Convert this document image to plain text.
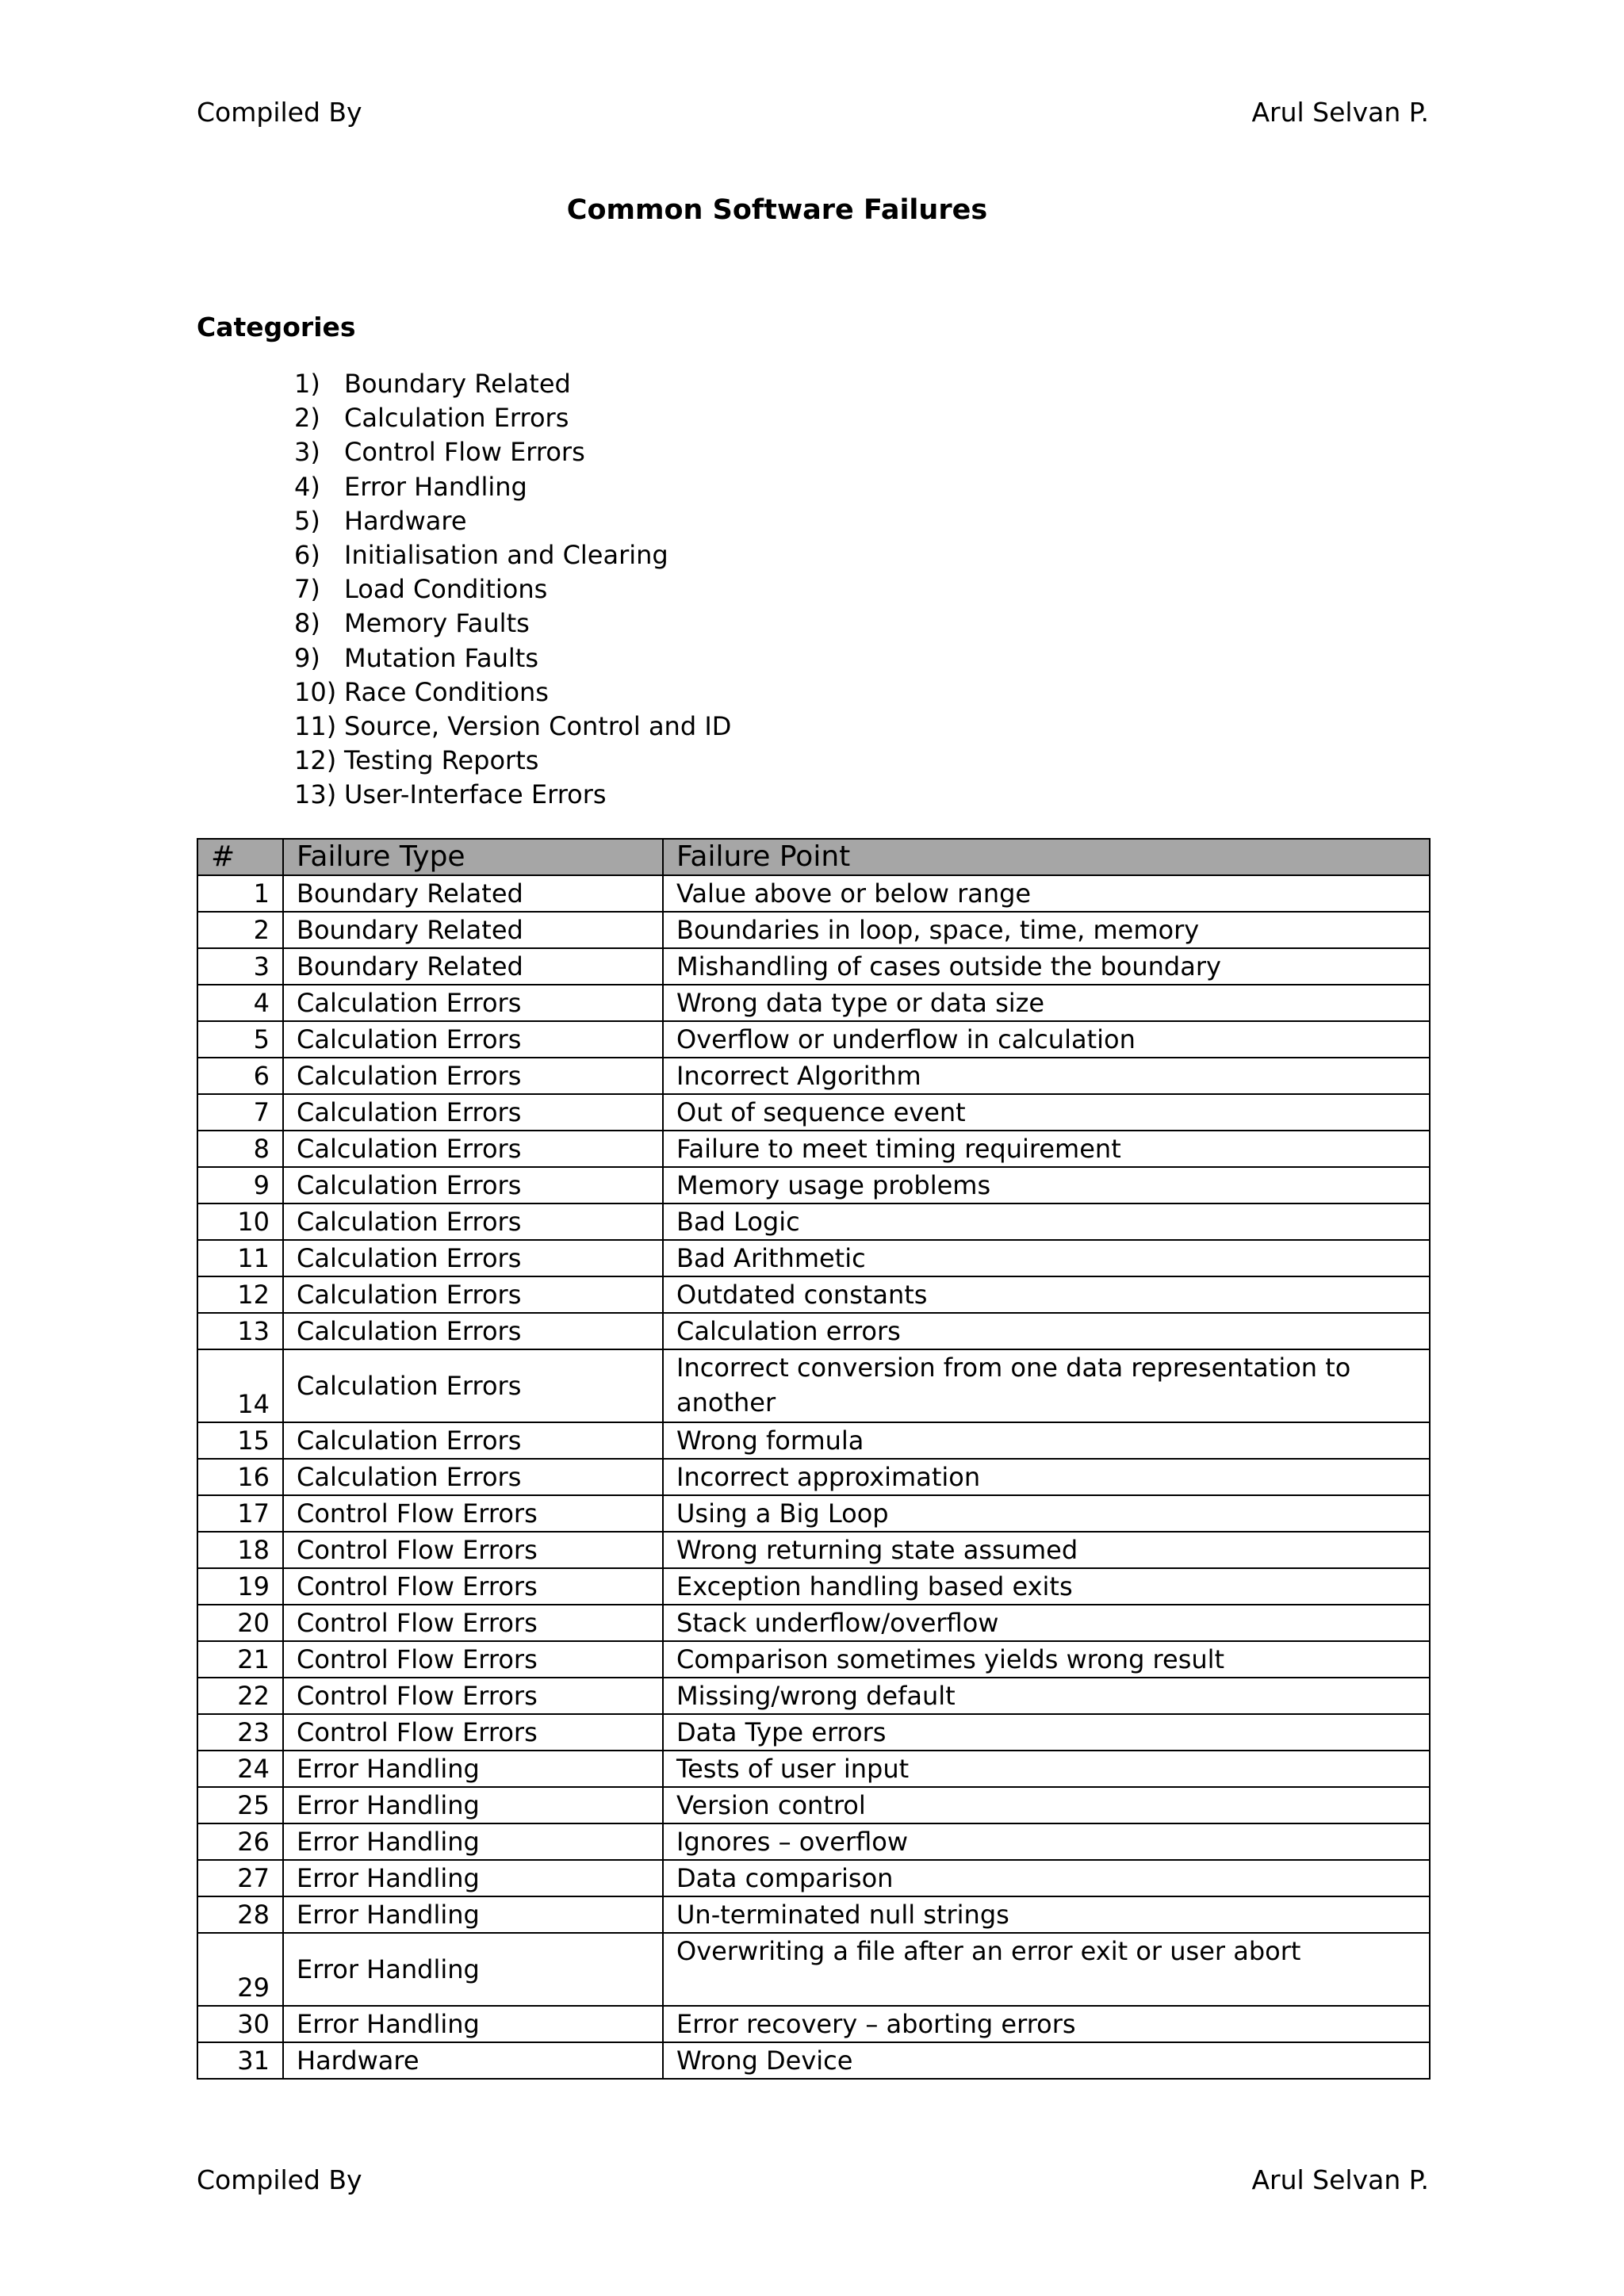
Compiled By	Arul Selvan P.
Common Software Failures
Categories
1) Boundary Related
2) Calculation Errors
3) Control Flow Errors
4) Error Handling
5) Hardware
6) Initialisation and Clearing
7) Load Conditions
8) Memory Faults
9) Mutation Faults
10) Race Conditions
11) Source, Version Control and ID
12) Testing Reports
13) User-Interface Errors
#	Failure Type	Failure Point
1	Boundary Related	Value above or below range
2	Boundary Related	Boundaries in loop, space, time, memory
3	Boundary Related	Mishandling of cases outside the boundary
4	Calculation Errors	Wrong data type or data size
5	Calculation Errors	Overflow or underflow in calculation
6	Calculation Errors	Incorrect Algorithm
7	Calculation Errors	Out of sequence event
8	Calculation Errors	Failure to meet timing requirement
9	Calculation Errors	Memory usage problems
10	Calculation Errors	Bad Logic
11	Calculation Errors	Bad Arithmetic
12	Calculation Errors	Outdated constants
13	Calculation Errors	Calculation errors
14	Calculation Errors	Incorrect conversion from one data representation to another
15	Calculation Errors	Wrong formula
16	Calculation Errors	Incorrect approximation
17	Control Flow Errors	Using a Big Loop
18	Control Flow Errors	Wrong returning state assumed
19	Control Flow Errors	Exception handling based exits
20	Control Flow Errors	Stack underflow/overflow
21	Control Flow Errors	Comparison sometimes yields wrong result
22	Control Flow Errors	Missing/wrong default
23	Control Flow Errors	Data Type errors
24	Error Handling	Tests of user input
25	Error Handling	Version control
26	Error Handling	Ignores – overflow
27	Error Handling	Data comparison
28	Error Handling	Un-terminated null strings
29	Error Handling	Overwriting a file after an error exit or user abort
30	Error Handling	Error recovery – aborting errors
31	Hardware	Wrong Device
Compiled By	Arul Selvan P.
